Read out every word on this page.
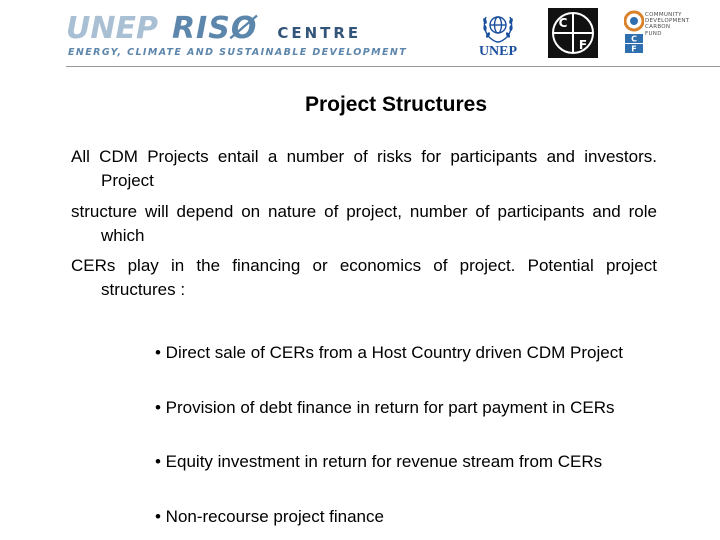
UNEP RISØ CENTRE
ENERGY, CLIMATE AND SUSTAINABLE DEVELOPMENT	UNEP
C
F	C
F
COMMUNITY
DEVELOPMENT
CARBON
FUND
Project Structures

All CDM Projects entail a number of risks for participants and investors. Project

structure will depend on nature of project, number of participants and role which

CERs play in the financing or economics of project. Potential project structures :

• Direct sale of CERs from a Host Country driven CDM Project

• Provision of debt finance in return for part payment in CERs

• Equity investment in return for revenue stream from CERs

• Non-recourse project finance
